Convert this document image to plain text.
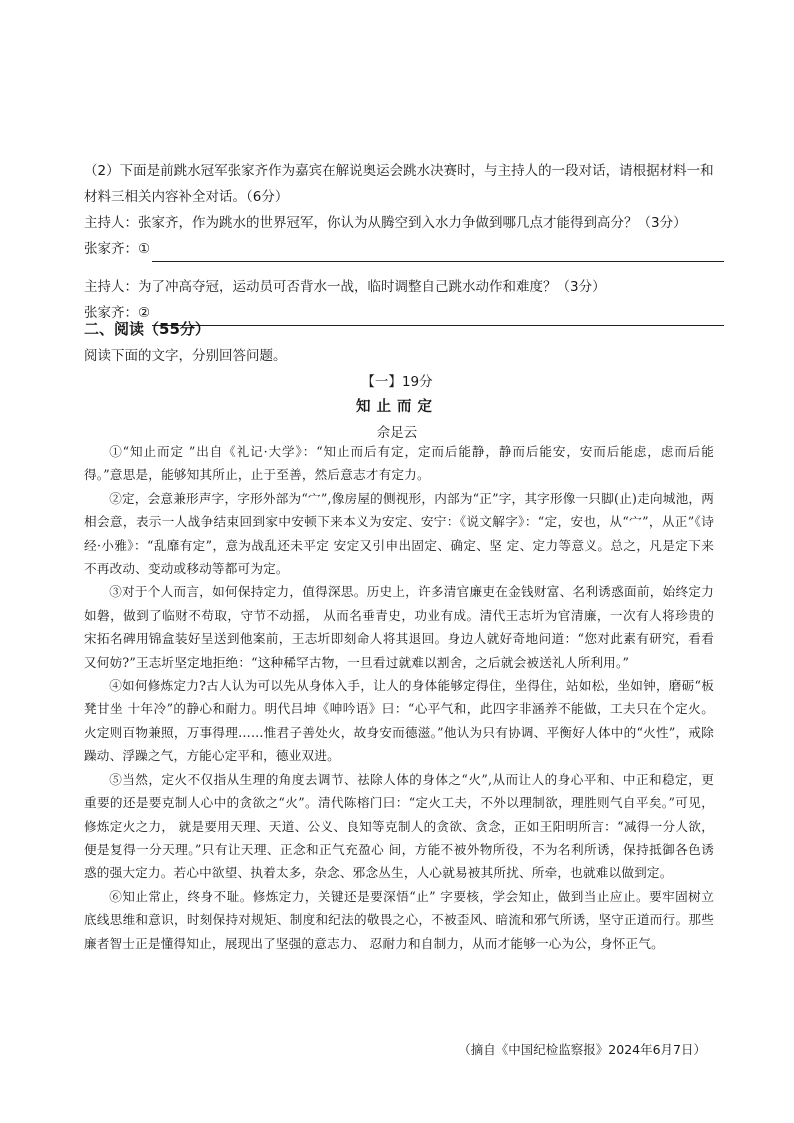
（2）下面是前跳水冠军张家齐作为嘉宾在解说奥运会跳水决赛时，与主持人的一段对话，请根据材料一和材料三相关内容补全对话。（6分）

主持人：张家齐，作为跳水的世界冠军，你认为从腾空到入水力争做到哪几点才能得到高分？（3分）
张家齐：①
主持人：为了冲高夺冠，运动员可否背水一战，临时调整自己跳水动作和难度？（3分）
张家齐：②
二、阅读（55分）
阅读下面的文字，分别回答问题。
【一】19分
知止而定
佘足云

①“知止而定 ”出自《礼记·大学》：“知止而后有定，定而后能静，静而后能安，安而后能虑，虑而后能得。”意思是，能够知其所止，止于至善，然后意志才有定力。

②定，会意兼形声字，字形外部为“宀”,像房屋的侧视形，内部为“正”字，其字形像一只脚(止)走向城池，两相会意，表示一人战争结束回到家中安顿下来本义为安定、安宁：《说文解字》：“定，安也，从“宀”，从正”《诗经·小雅》：“乱靡有定”，意为战乱还未平定 安定又引申出固定、确定、坚 定、定力等意义。总之，凡是定下来不再改动、变动或移动等都可为定。

③对于个人而言，如何保持定力，值得深思。历史上，许多清官廉吏在金钱财富、名利诱惑面前，始终定力如磐，做到了临财不苟取，守节不动摇， 从而名垂青史，功业有成。清代王志圻为官清廉，一次有人将珍贵的宋拓名碑用锦盒装好呈送到他案前，王志圻即刻命人将其退回。身边人就好奇地问道：“您对此素有研究，看看又何妨?”王志圻坚定地拒绝：“这种稀罕古物，一旦看过就难以割舍，之后就会被送礼人所利用。”

④如何修炼定力?古人认为可以先从身体入手，让人的身体能够定得住，坐得住，站如松，坐如钟，磨砺“板凳甘坐 十年冷”的静心和耐力。明代吕坤《呻吟语》曰：“心平气和，此四字非涵养不能做，工夫只在个定火。火定则百物兼照，万事得理……惟君子善处火，故身安而德滋。”他认为只有协调、平衡好人体中的“火性”，戒除躁动、浮躁之气，方能心定平和，德业双进。

⑤当然，定火不仅指从生理的角度去调节、祛除人体的身体之“火”,从而让人的身心平和、中正和稳定，更重要的还是要克制人心中的贪欲之“火”。清代陈榕门曰：“定火工夫，不外以理制欲，理胜则气自平矣。”可见，修炼定火之力， 就是要用天理、天道、公义、良知等克制人的贪欲、贪念，正如王阳明所言：“减得一分人欲，便是复得一分天理。”只有让天理、正念和正气充盈心 间，方能不被外物所役，不为名利所诱，保持抵御各色诱惑的强大定力。若心中欲望、执着太多，杂念、邪念丛生，人心就易被其所扰、所牵，也就难以做到定。

⑥知止常止，终身不耻。修炼定力，关键还是要深悟“止” 字要核，学会知止，做到当止应止。要牢固树立底线思维和意识，时刻保持对规矩、制度和纪法的敬畏之心，不被歪风、暗流和邪气所诱，坚守正道而行。那些廉者智士正是懂得知止，展现出了坚强的意志力、 忍耐力和自制力，从而才能够一心为公，身怀正气。

（摘自《中国纪检监察报》2024年6月7日）
